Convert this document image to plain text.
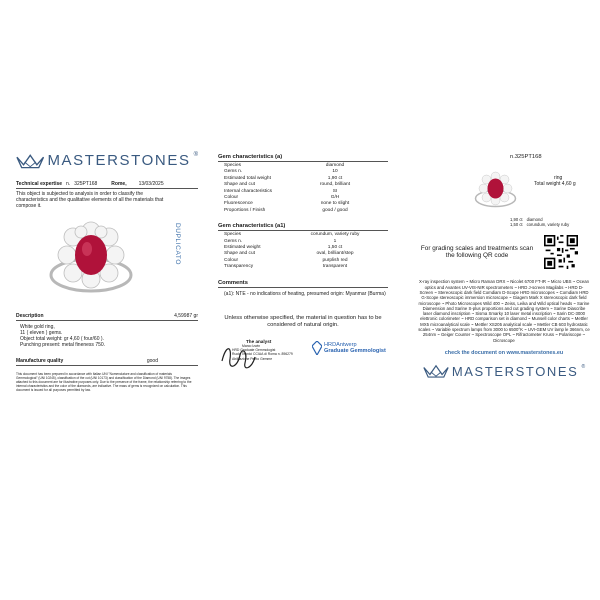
MASTERSTONES ®
Technical expertise n. 325PT168	Rome, 13/03/2025
This object is subjected to analysis in order to classify the characteristics and the qualitative elements of all the materials that compose it.
DUPLICATO
Description	4,59987 gr
White gold ring,
11 ( eleven ) gems.
Object total weight: gr 4,60 ( four/60 ).
Punching present: metal fineness 750.
Manufacture quality	good
This document has been prepared in accordance with Italian UNI "Nomenclature and classification of materials Gemmological" (UNI 10245), classification of the cut (UNI 10173) and classification of the Diamond (UNI 9758). The images attached to this document are for illustrative purposes only. Due to the presence of the frame, the relationship referring to the internal characteristics and the color of the diamonds, are indicative. The mass of gems is recognized on calculation. This document is issued for all purposes permitted by law.
Gem characteristics (a)
Species	diamond
Gems n.	10
Estimated total weight	1,90 ct
Shape and cut	round, brilliant
Internal characteristics	SI
Colour	G/H
Fluorescence	none to slight
Proportions / Finish	good / good
Gem characteristics (a1)
Species	corundum, variety ruby
Gems n.	1
Estimated weight	1,50 ct
Shape and cut	oval, brilliant/step
Colour	purplish red
Transparency	transparent
Comments
(a1): NTE - no indications of heating, presumed origin: Myanmar (Burma)
Unless otherwise specified, the material in question has to be considered of natural origin.
The analyst
Marco Izwin
HRD Graduate Gemmologist
Ruolo Tecnici CCIAA di Roma n. 896279
Abilitazione Perito Gemme
HRDAntwerp
Graduate Gemmologist
n.325PT168
ring
Total weight 4,60 g
1,90 ct diamond
1,50 ct corundum, variety ruby
For grading scales and treatments scan the following QR code
X-ray inspection system ~ Micro Raman DRX ~ Nicolet 6700 FT-IR ~ Micro UBS ~ Ocean optics and Avantes UV-VIS-NIR spectrometers ~ HRD J-screen Magilabs ~ HRD D-Screen ~ Stereoscopic dark field Comdiam D-Scope HRD microscopes ~ Comdiam HRD G-Scope stereoscopic immersion microscope ~ Giagem Mark X stereoscopic dark field microscope ~ Photo Microscopes Wild 400 ~ Zeiss, Leika and Wild optical heads ~ Sarine Diamension and Sarine S-plus proportions and cut grading system ~ Sarine Diascribe laser diamond inscription ~ Sisma Smarky 10 laser metal inscription ~ Sarin DC-3000 elettronic colorimeter ~ HRD comparison set in diamond ~ Munsell color charts ~ Mettler MX5 microanalytical scale ~ Mettler XS205 analytical scale ~ Mettler CB 603 hydrostatic scales ~ Variable spectrum lamps from 3000 to 6500°K ~ UVI-GEM UV lamp le 366nm, ce 254nm ~ Geiger Counter ~ Spectroscope OPL ~ Rifractometer Kruss ~ Polariscope ~ Dicroscope
check the document on www.masterstones.eu
MASTERSTONES ®
